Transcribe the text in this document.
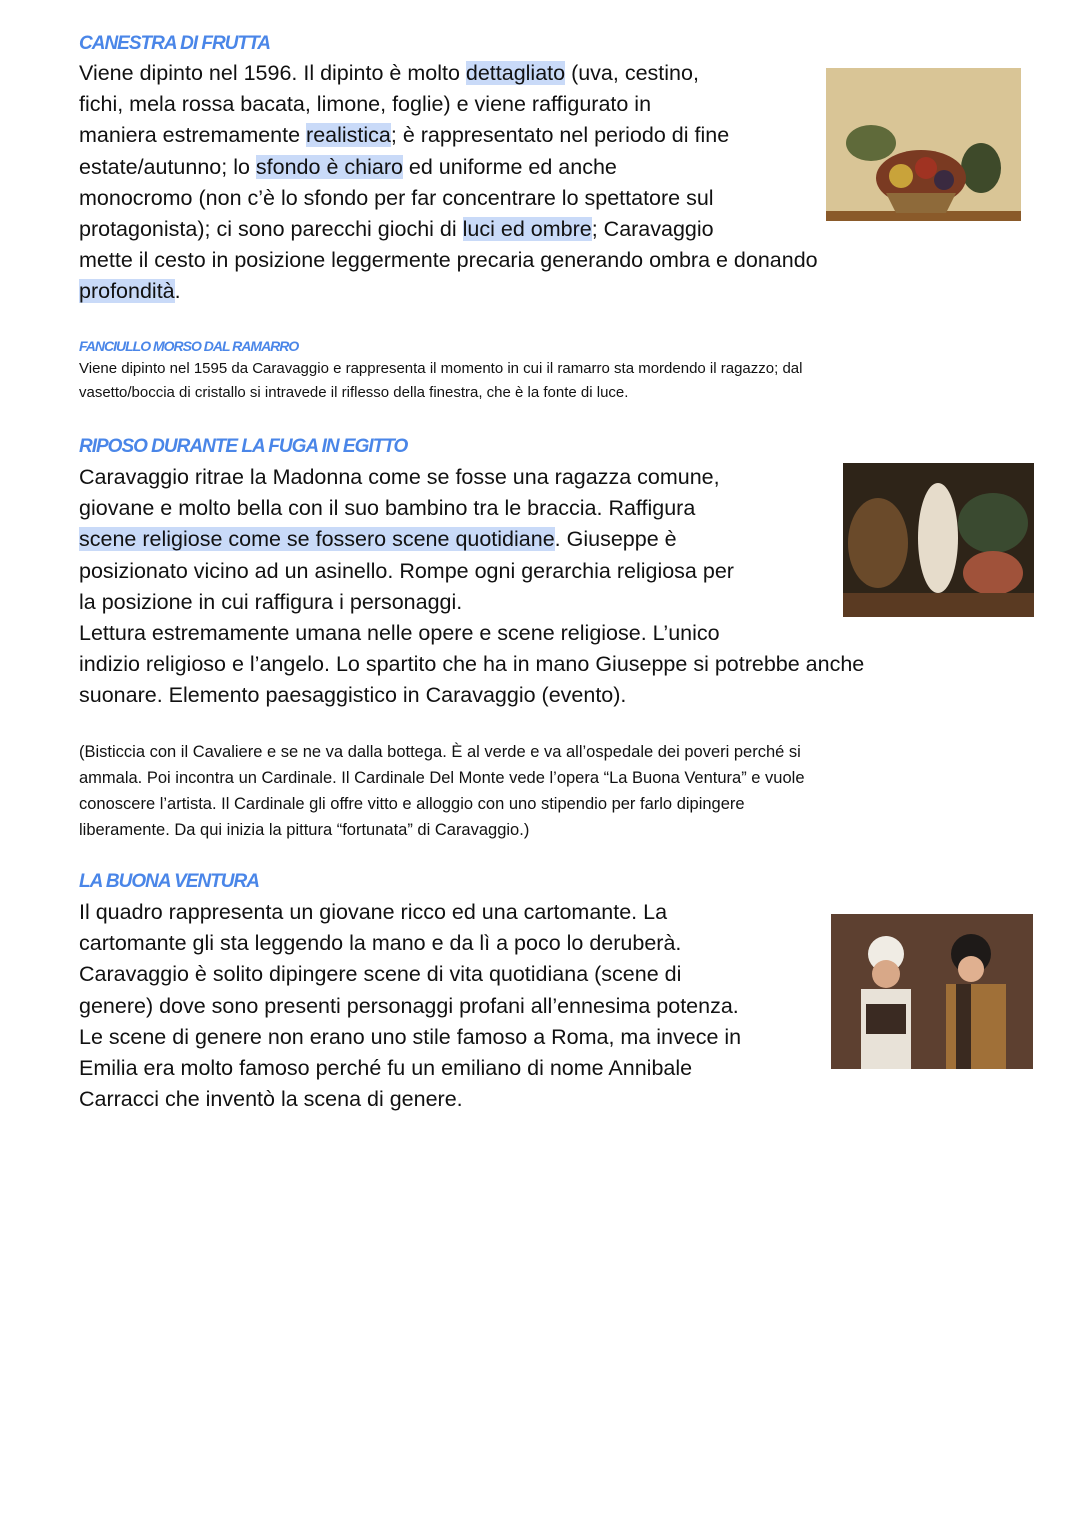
CANESTRA DI FRUTTA
Viene dipinto nel 1596. Il dipinto è molto dettagliato (uva, cestino,
fichi, mela rossa bacata, limone, foglie) e viene raffigurato in
maniera estremamente realistica; è rappresentato nel periodo di fine
estate/autunno; lo sfondo è chiaro ed uniforme ed anche
monocromo (non c’è lo sfondo per far concentrare lo spettatore sul
protagonista); ci sono parecchi giochi di luci ed ombre; Caravaggio
mette il cesto in posizione leggermente precaria generando ombra e donando
profondità.
FANCIULLO MORSO DAL RAMARRO
Viene dipinto nel 1595 da Caravaggio e rappresenta il momento in cui il ramarro sta mordendo il ragazzo; dal
vasetto/boccia di cristallo si intravede il riflesso della finestra, che è la fonte di luce.
RIPOSO DURANTE LA FUGA IN EGITTO
Caravaggio ritrae la Madonna come se fosse una ragazza comune,
giovane e molto bella con il suo bambino tra le braccia. Raffigura
scene religiose come se fossero scene quotidiane. Giuseppe è
posizionato vicino ad un asinello. Rompe ogni gerarchia religiosa per
la posizione in cui raffigura i personaggi.
Lettura estremamente umana nelle opere e scene religiose. L’unico
indizio religioso e l’angelo. Lo spartito che ha in mano Giuseppe si potrebbe anche
suonare. Elemento paesaggistico in Caravaggio (evento).
(Bisticcia con il Cavaliere e se ne va dalla bottega. È al verde e va all’ospedale dei poveri perché si
ammala. Poi incontra un Cardinale. Il Cardinale Del Monte vede l’opera “La Buona Ventura” e vuole
conoscere l’artista. Il Cardinale gli offre vitto e alloggio con uno stipendio per farlo dipingere
liberamente. Da qui inizia la pittura “fortunata” di Caravaggio.)
LA BUONA VENTURA
Il quadro rappresenta un giovane ricco ed una cartomante. La
cartomante gli sta leggendo la mano e da lì a poco lo deruberà.
Caravaggio è solito dipingere scene di vita quotidiana (scene di
genere) dove sono presenti personaggi profani all’ennesima potenza.
Le scene di genere non erano uno stile famoso a Roma, ma invece in
Emilia era molto famoso perché fu un emiliano di nome Annibale
Carracci che inventò la scena di genere.
